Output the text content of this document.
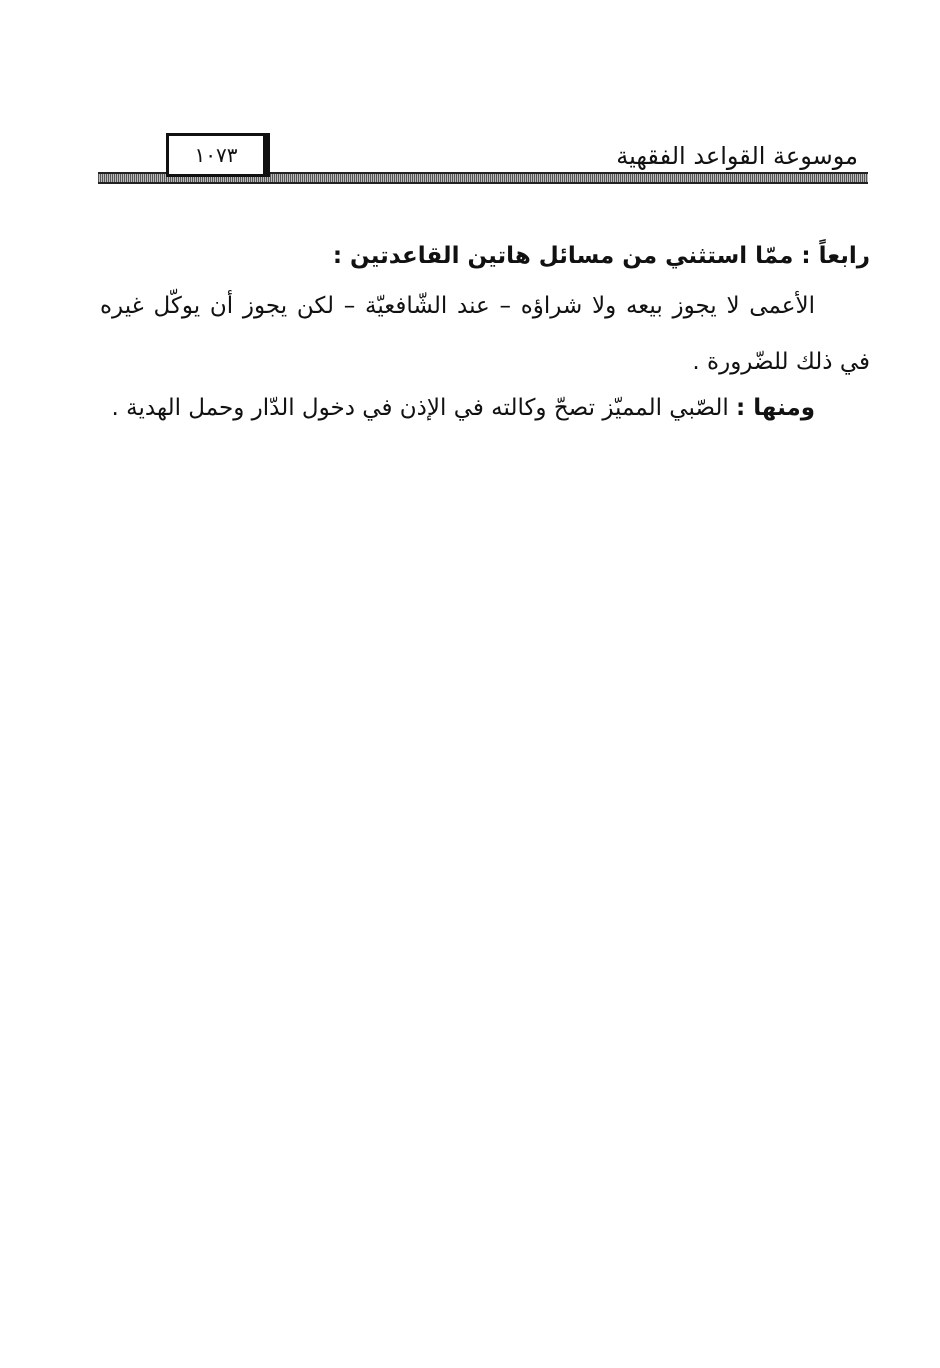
موسوعة القواعد الفقهية
١٠٧٣
رابعاً : ممّا استثني من مسائل هاتين القاعدتين :
الأعمى لا يجوز بيعه ولا شراؤه – عند الشّافعيّة – لكن يجوز أن يوكّل غيره في ذلك للضّرورة .
ومنها : الصّبي المميّز تصحّ وكالته في الإذن في دخول الدّار وحمل الهدية .
